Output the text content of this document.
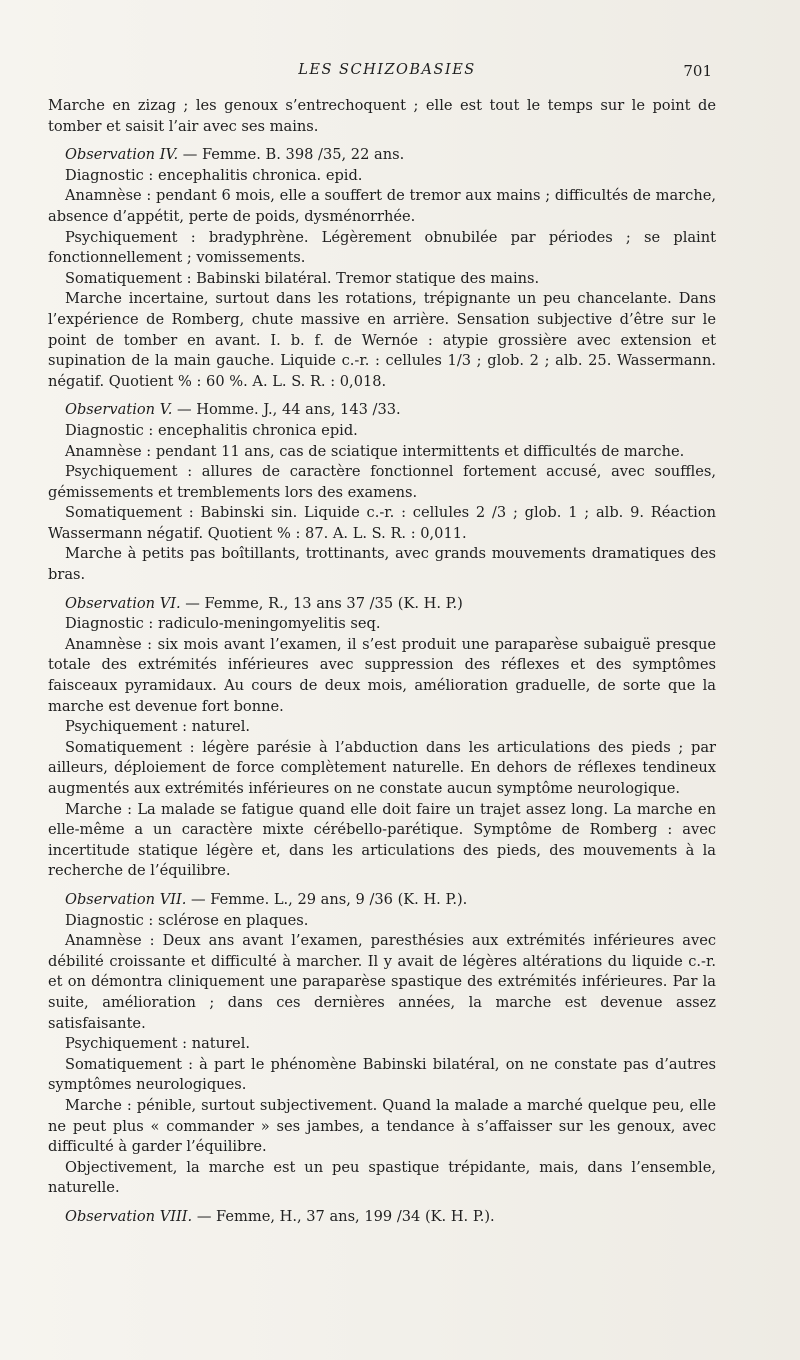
LES SCHIZOBASIES	701

Marche en zizag ; les genoux s’entrechoquent ; elle est tout le temps sur le point de tomber et saisit l’air avec ses mains.

Observation IV. — Femme. B. 398 /35, 22 ans.

Diagnostic : encephalitis chronica. epid.

Anamnèse : pendant 6 mois, elle a souffert de tremor aux mains ; difficultés de marche, absence d’appétit, perte de poids, dysménorrhée.

Psychiquement : bradyphrène. Légèrement obnubilée par périodes ; se plaint fonctionnellement ; vomissements.

Somatiquement : Babinski bilatéral. Tremor statique des mains.

Marche incertaine, surtout dans les rotations, trépignante un peu chancelante. Dans l’expérience de Romberg, chute massive en arrière. Sensation subjective d’être sur le point de tomber en avant. I. b. f. de Wernóe : atypie grossière avec extension et supination de la main gauche. Liquide c.-r. : cellules 1/3 ; glob. 2 ; alb. 25. Wassermann. négatif. Quotient % : 60 %. A. L. S. R. : 0,018.

Observation V. — Homme. J., 44 ans, 143 /33.

Diagnostic : encephalitis chronica epid.

Anamnèse : pendant 11 ans, cas de sciatique intermittents et difficultés de marche.

Psychiquement : allures de caractère fonctionnel fortement accusé, avec souffles, gémissements et tremblements lors des examens.

Somatiquement : Babinski sin. Liquide c.-r. : cellules 2 /3 ; glob. 1 ; alb. 9. Réaction Wassermann négatif. Quotient % : 87. A. L. S. R. : 0,011.

Marche à petits pas boîtillants, trottinants, avec grands mouvements dramatiques des bras.

Observation VI. — Femme, R., 13 ans 37 /35 (K. H. P.)

Diagnostic : radiculo-meningomyelitis seq.

Anamnèse : six mois avant l’examen, il s’est produit une paraparèse subaiguë presque totale des extrémités inférieures avec suppression des réflexes et des symptômes faisceaux pyramidaux. Au cours de deux mois, amélioration graduelle, de sorte que la marche est devenue fort bonne.

Psychiquement : naturel.

Somatiquement : légère parésie à l’abduction dans les articulations des pieds ; par ailleurs, déploiement de force complètement naturelle. En dehors de réflexes tendineux augmentés aux extrémités inférieures on ne constate aucun symptôme neurologique.

Marche : La malade se fatigue quand elle doit faire un trajet assez long. La marche en elle-même a un caractère mixte cérébello-parétique. Symptôme de Romberg : avec incertitude statique légère et, dans les articulations des pieds, des mouvements à la recherche de l’équilibre.

Observation VII. — Femme. L., 29 ans, 9 /36 (K. H. P.).

Diagnostic : sclérose en plaques.

Anamnèse : Deux ans avant l’examen, paresthésies aux extrémités inférieures avec débilité croissante et difficulté à marcher. Il y avait de légères altérations du liquide c.-r. et on démontra cliniquement une paraparèse spastique des extrémités inférieures. Par la suite, amélioration ; dans ces dernières années, la marche est devenue assez satisfaisante.

Psychiquement : naturel.

Somatiquement : à part le phénomène Babinski bilatéral, on ne constate pas d’autres symptômes neurologiques.

Marche : pénible, surtout subjectivement. Quand la malade a marché quelque peu, elle ne peut plus « commander » ses jambes, a tendance à s’affaisser sur les genoux, avec difficulté à garder l’équilibre.

Objectivement, la marche est un peu spastique trépidante, mais, dans l’ensemble, naturelle.

Observation VIII. — Femme, H., 37 ans, 199 /34 (K. H. P.).
